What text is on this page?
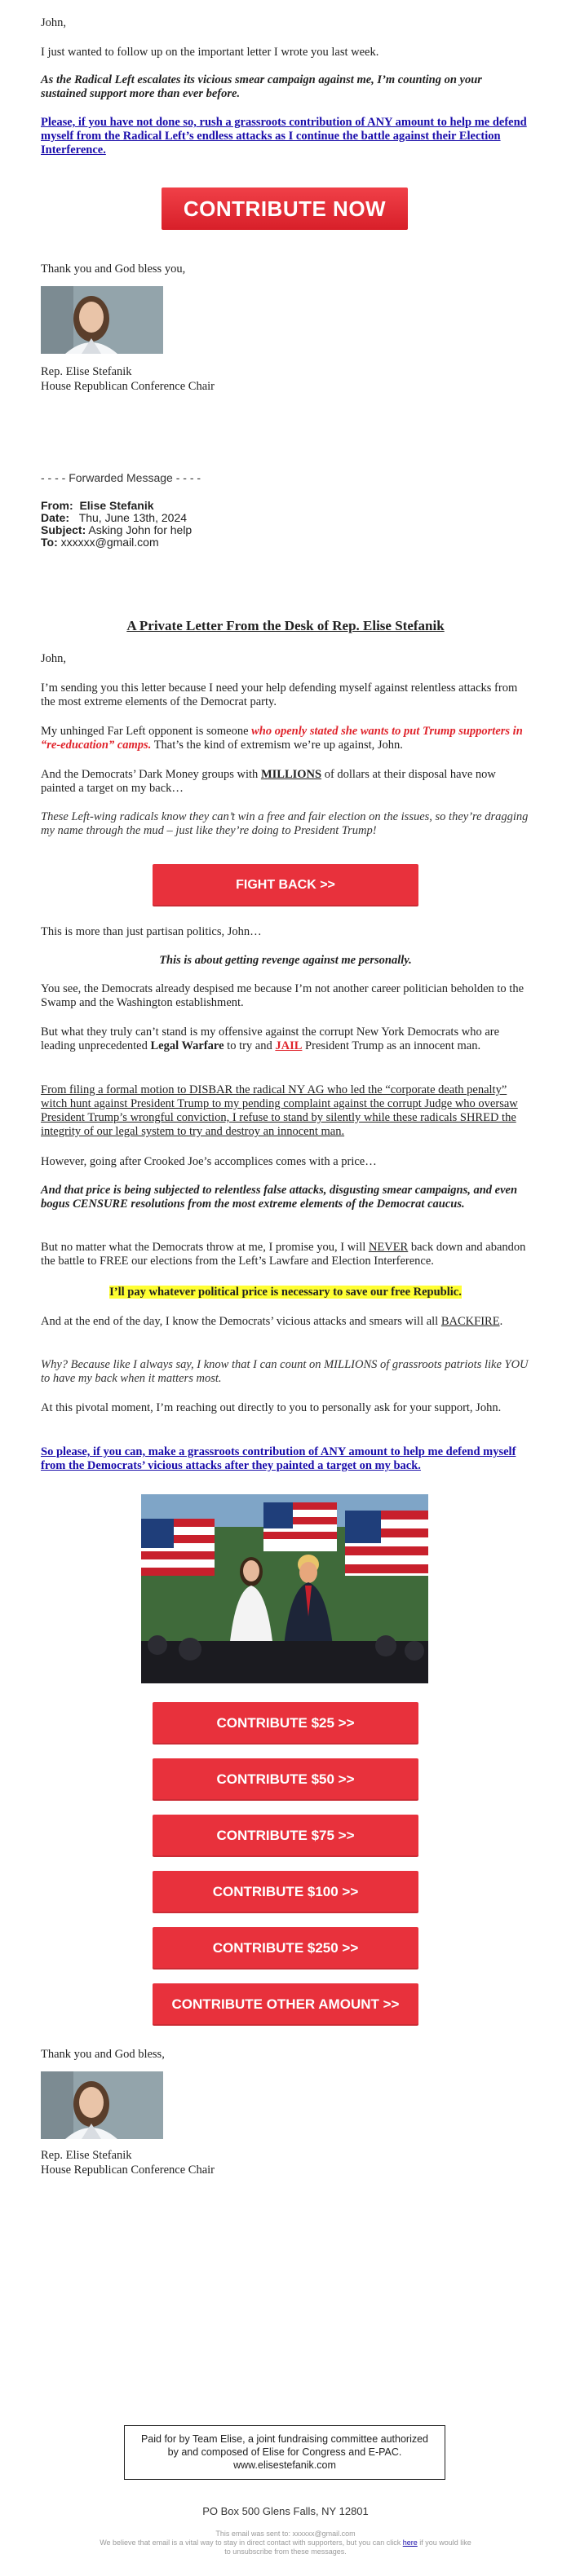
John,

I just wanted to follow up on the important letter I wrote you last week.

As the Radical Left escalates its vicious smear campaign against me, I’m counting on your sustained support more than ever before.

Please, if you have not done so, rush a grassroots contribution of ANY amount to help me defend myself from the Radical Left’s endless attacks as I continue the battle against their Election Interference.

CONTRIBUTE NOW

Thank you and God bless you,

Rep. Elise Stefanik

House Republican Conference Chair

- - - - Forwarded Message - - - -
From: Elise Stefanik
Date: Thu, June 13th, 2024
Subject: Asking John for help
To: xxxxxx@gmail.com
A Private Letter From the Desk of Rep. Elise Stefanik

John,

I’m sending you this letter because I need your help defending myself against relentless attacks from the most extreme elements of the Democrat party.

My unhinged Far Left opponent is someone who openly stated she wants to put Trump supporters in “re-education” camps. That’s the kind of extremism we’re up against, John.

And the Democrats’ Dark Money groups with MILLIONS of dollars at their disposal have now painted a target on my back…

These Left-wing radicals know they can’t win a free and fair election on the issues, so they’re dragging my name through the mud – just like they’re doing to President Trump!

FIGHT BACK >>

This is more than just partisan politics, John…

This is about getting revenge against me personally.

You see, the Democrats already despised me because I’m not another career politician beholden to the Swamp and the Washington establishment.

But what they truly can’t stand is my offensive against the corrupt New York Democrats who are leading unprecedented Legal Warfare to try and JAIL President Trump as an innocent man.

From filing a formal motion to DISBAR the radical NY AG who led the “corporate death penalty” witch hunt against President Trump to my pending complaint against the corrupt Judge who oversaw President Trump’s wrongful conviction, I refuse to stand by silently while these radicals SHRED the integrity of our legal system to try and destroy an innocent man.

However, going after Crooked Joe’s accomplices comes with a price…

And that price is being subjected to relentless false attacks, disgusting smear campaigns, and even bogus CENSURE resolutions from the most extreme elements of the Democrat caucus.

But no matter what the Democrats throw at me, I promise you, I will NEVER back down and abandon the battle to FREE our elections from the Left’s Lawfare and Election Interference.

I’ll pay whatever political price is necessary to save our free Republic.

And at the end of the day, I know the Democrats’ vicious attacks and smears will all BACKFIRE.

Why? Because like I always say, I know that I can count on MILLIONS of grassroots patriots like YOU to have my back when it matters most.

At this pivotal moment, I’m reaching out directly to you to personally ask for your support, John.

So please, if you can, make a grassroots contribution of ANY amount to help me defend myself from the Democrats’ vicious attacks after they painted a target on my back.

CONTRIBUTE $25 >>
CONTRIBUTE $50 >>
CONTRIBUTE $75 >>
CONTRIBUTE $100 >>
CONTRIBUTE $250 >>
CONTRIBUTE OTHER AMOUNT >>

Thank you and God bless,

Rep. Elise Stefanik

House Republican Conference Chair

Paid for by Team Elise, a joint fundraising committee authorized by and composed of Elise for Congress and E-PAC. www.elisestefanik.com
PO Box 500 Glens Falls, NY 12801
This email was sent to: xxxxxx@gmail.com
We believe that email is a vital way to stay in direct contact with supporters, but you can click here if you would like to unsubscribe from these messages.
